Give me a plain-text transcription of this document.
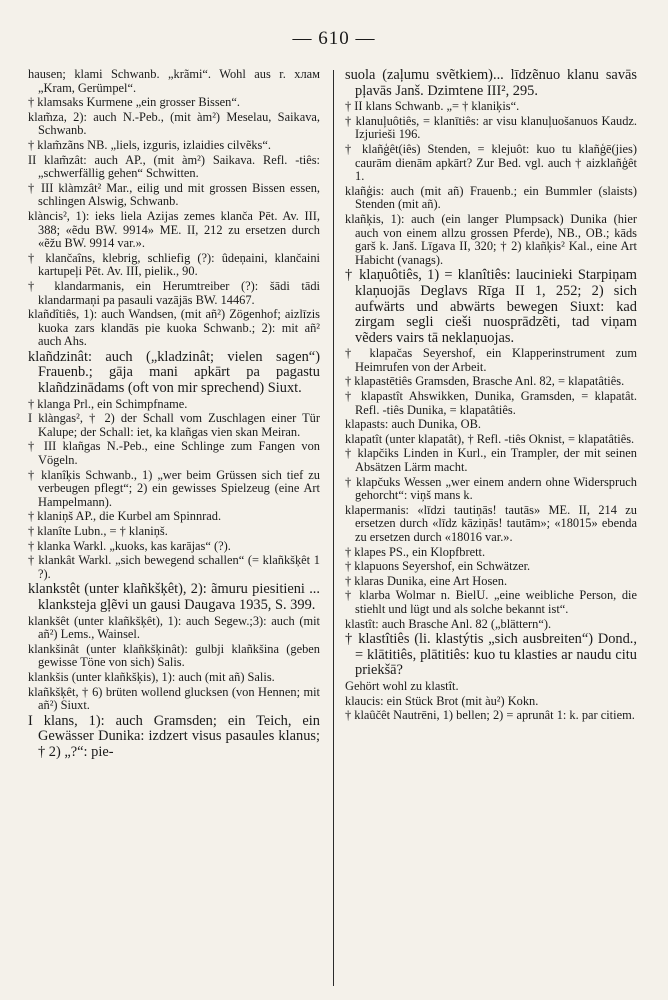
— 610 —
hausen; klami Schwanb. „krãmi“. Wohl aus r. хлам „Kram, Gerümpel“.
† klamsaks Kurmene „ein grosser Bissen“.
klam̃za, 2): auch N.-Peb., (mit àm²) Meselau, Saikava, Schwanb.
† klam̃zãns NB. „liels, izguris, izlaidies cilvẽks“.
II klam̃zât: auch AP., (mit àm²) Saikava. Refl. -tiês: „schwerfällig gehen“ Schwitten.
† III klàmzât² Mar., eilig und mit grossen Bissen essen, schlingen Alswig, Schwanb.
klàncis², 1): ieks liela Azijas zemes klanča Pēt. Av. III, 388; «ẽdu BW. 9914» ME. II, 212 zu ersetzen durch «ẽžu BW. 9914 var.».
† klančaîns, klebrig, schliefig (?): ûdeņaini, klančaini kartupeļi Pēt. Av. III, pielik., 90.
† klandarmanis, ein Herumtreiber (?): šādi tādi klandarmaņi pa pasauli vazājās BW. 14467.
klañdîtiês, 1): auch Wandsen, (mit añ²) Zögenhof; aizlīzis kuoka zars klandās pie kuoka Schwanb.; 2): mit añ² auch Ahs.
klañdzinât: auch („kladzinât; vielen sagen“) Frauenb.; gāja mani apkārt pa pagastu klañdzinādams (oft von mir sprechend) Siuxt.
† klanga Prl., ein Schimpfname.
I klàngas², † 2) der Schall vom Zuschlagen einer Tür Kalupe; der Schall: iet, ka klañgas vien skan Meiran.
† III klañgas N.-Peb., eine Schlinge zum Fangen von Vögeln.
† klanîķis Schwanb., 1) „wer beim Grüssen sich tief zu verbeugen pflegt“; 2) ein gewisses Spielzeug (eine Art Hampelmann).
† klaniņš AP., die Kurbel am Spinnrad.
† klanîte Lubn., = † klaniņš.
† klanka Warkl. „kuoks, kas karājas“ (?).
† klankât Warkl. „sich bewegend schallen“ (= klañkšķêt 1 ?).
klankstêt (unter klañkšķêt), 2): ãmuru piesitieni ... klanksteja gļẽvi un gausi Daugava 1935, S. 399.
klankšêt (unter klañkšķêt), 1): auch Segew.;3): auch (mit añ²) Lems., Wainsel.
klankšinât (unter klañkšķinât): gulbji klañkšina (geben gewisse Töne von sich) Salis.
klankšis (unter klañkšķis), 1): auch (mit añ) Salis.
klañkšķêt, † 6) brüten wollend glucksen (von Hennen; mit añ²) Siuxt.
I klans, 1): auch Gramsden; ein Teich, ein Gewässer Dunika: izdzert visus pasaules klanus; † 2) „?“: pie-
suola (zaļumu svẽtkiem)... līdzẽnuo klanu savās pļavās Janš. Dzimtene III², 295.
† II klans Schwanb. „= † klaniķis“.
† klanuļuôtiês, = klanītiês: ar visu klanuļuošanuos Kaudz. Izjurieši 196.
† klañģêt(iês) Stenden, = klejuôt: kuo tu klañģē(jies) caurām dienām apkārt? Zur Bed. vgl. auch † aizklañģêt 1.
klañģis: auch (mit añ) Frauenb.; ein Bummler (slaists) Stenden (mit añ).
klañķis, 1): auch (ein langer Plumpsack) Dunika (hier auch von einem allzu grossen Pferde), NB., OB.; kāds garš k. Janš. Līgava II, 320; † 2) klañķis² Kal., eine Art Habicht (vanags).
† klaņuôtiês, 1) = klanîtiês: laucinieki Starpiņam klaņuojās Deglavs Rīga II 1, 252; 2) sich aufwärts und abwärts bewegen Siuxt: kad zirgam segli cieši nuosprādzẽti, tad viņam vẽders vairs tā neklaņuojas.
† klapačas Seyershof, ein Klapperinstrument zum Heimrufen von der Arbeit.
† klapastētiês Gramsden, Brasche Anl. 82, = klapatâtiês.
† klapastît Ahswikken, Dunika, Gramsden, = klapatât. Refl. -tiês Dunika, = klapatâtiês.
klapasts: auch Dunika, OB.
klapatît (unter klapatât), † Refl. -tiês Oknist, = klapatâtiês.
† klapčiks Linden in Kurl., ein Trampler, der mit seinen Absätzen Lärm macht.
† klapčuks Wessen „wer einem andern ohne Widerspruch gehorcht“: viņš mans k.
klapermanis: «līdzi tautiņās! tautās» ME. II, 214 zu ersetzen durch «līdz kāziņās! tautām»; «18015» ebenda zu ersetzen durch «18016 var.».
† klapes PS., ein Klopfbrett.
† klapuons Seyershof, ein Schwätzer.
† klaras Dunika, eine Art Hosen.
† klarba Wolmar n. BielU. „eine weibliche Person, die stiehlt und lügt und als solche bekannt ist“.
klastît: auch Brasche Anl. 82 („blättern“).
† klastîtiês (li. klastýtis „sich ausbreiten“) Dond., = klātitiês, plātitiês: kuo tu klasties ar naudu citu priekšā?
Gehört wohl zu klastît.
klaucis: ein Stück Brot (mit àu²) Kokn.
† klaûčêt Nautrēni, 1) bellen; 2) = aprunât 1: k. par citiem.
